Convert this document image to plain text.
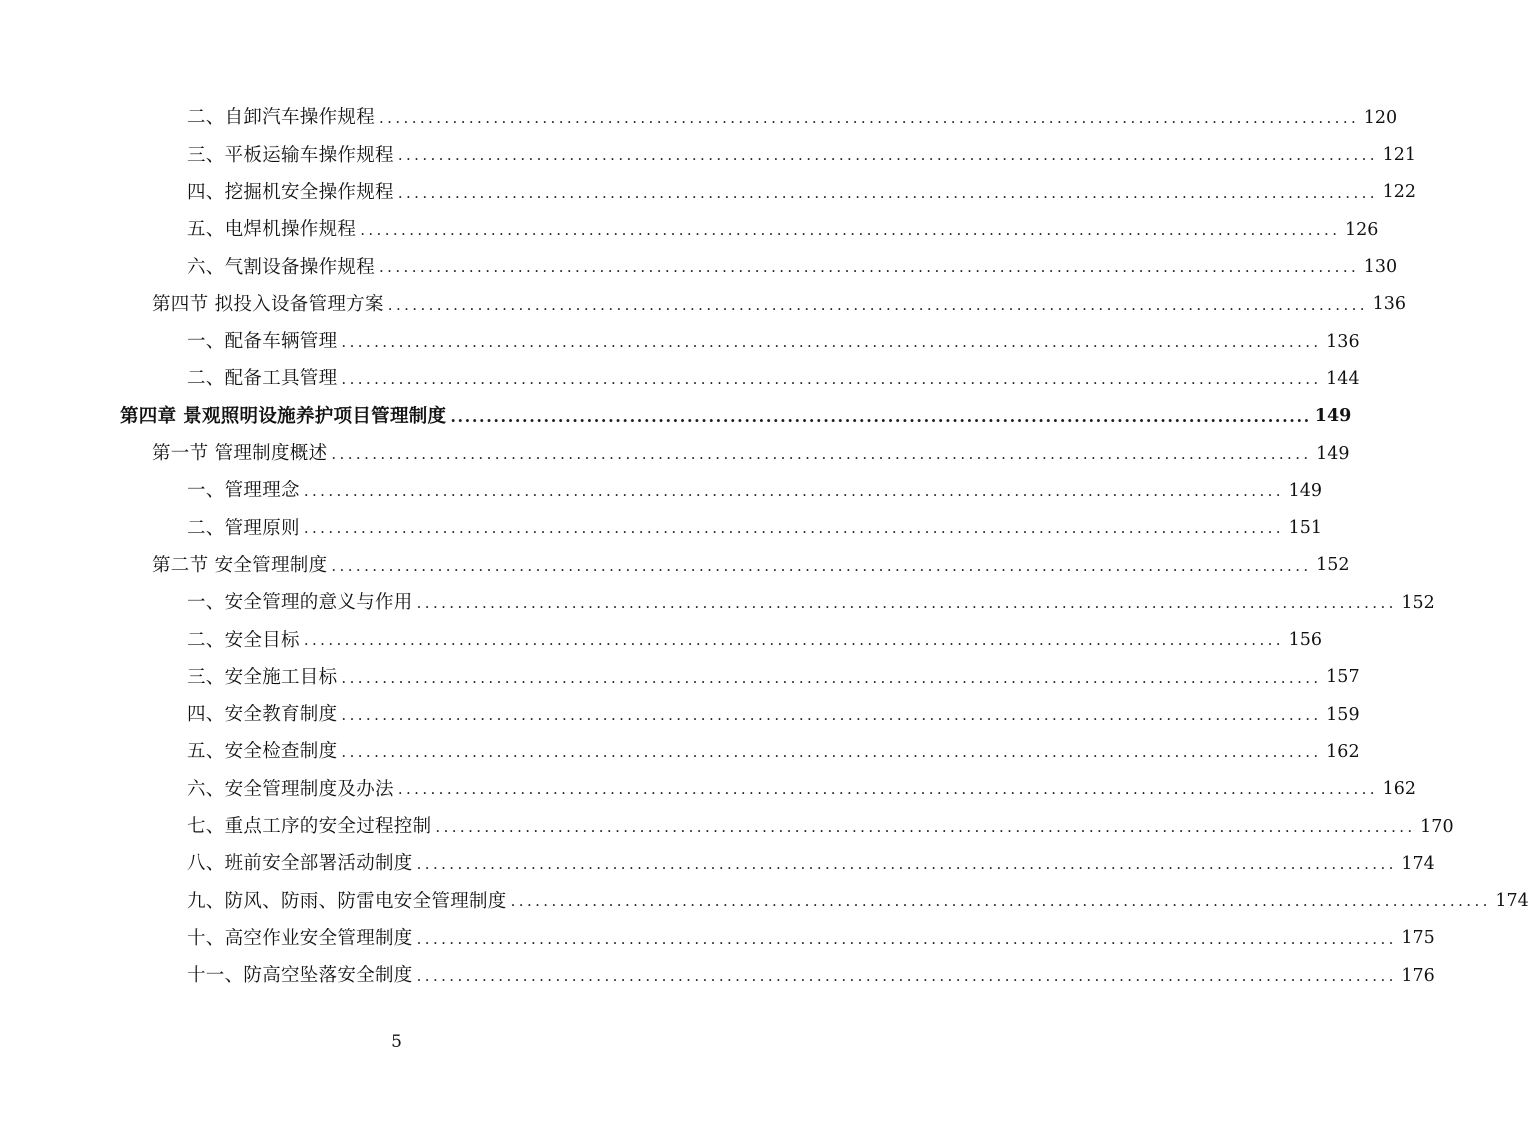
二、自卸汽车操作规程 ........................................................................................................................ 120
三、平板运输车操作规程 ........................................................................................................................ 121
四、挖掘机安全操作规程 ........................................................................................................................ 122
五、电焊机操作规程 ........................................................................................................................ 126
六、气割设备操作规程 ........................................................................................................................ 130
第四节 拟投入设备管理方案 ........................................................................................................................ 136
一、配备车辆管理 ........................................................................................................................ 136
二、配备工具管理 ........................................................................................................................ 144
第四章 景观照明设施养护项目管理制度 ........................................................................................................................ 149
第一节 管理制度概述 ........................................................................................................................ 149
一、管理理念 ........................................................................................................................ 149
二、管理原则 ........................................................................................................................ 151
第二节 安全管理制度 ........................................................................................................................ 152
一、安全管理的意义与作用 ........................................................................................................................ 152
二、安全目标 ........................................................................................................................ 156
三、安全施工目标 ........................................................................................................................ 157
四、安全教育制度 ........................................................................................................................ 159
五、安全检查制度 ........................................................................................................................ 162
六、安全管理制度及办法 ........................................................................................................................ 162
七、重点工序的安全过程控制 ........................................................................................................................ 170
八、班前安全部署活动制度 ........................................................................................................................ 174
九、防风、防雨、防雷电安全管理制度 ........................................................................................................................ 174
十、高空作业安全管理制度 ........................................................................................................................ 175
十一、防高空坠落安全制度 ........................................................................................................................ 176
5
